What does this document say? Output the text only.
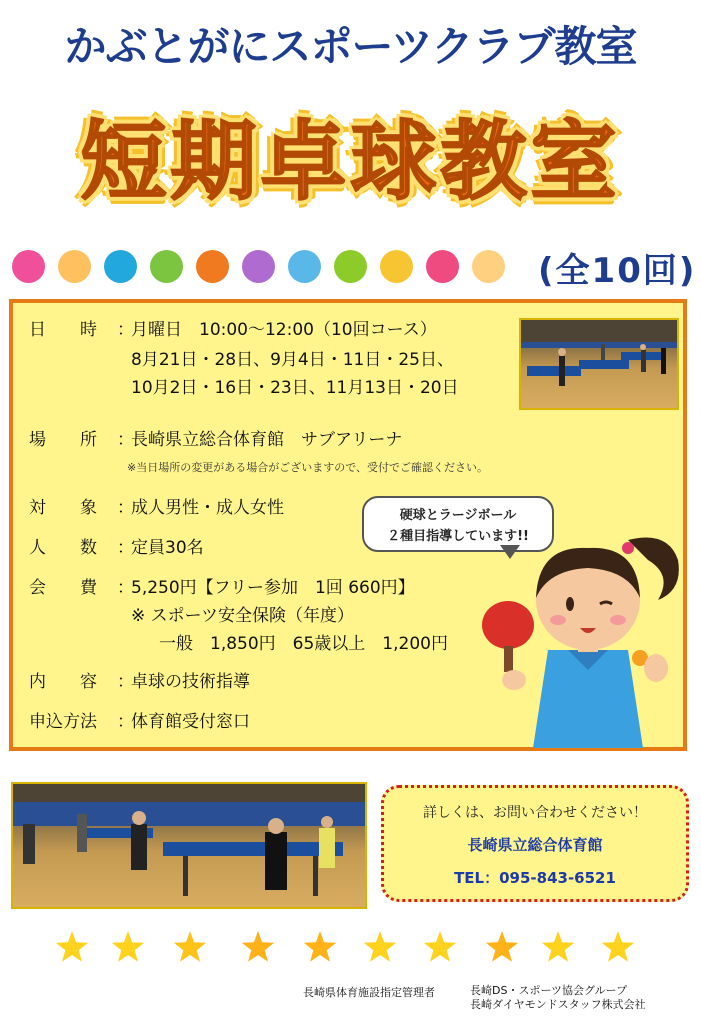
かぶとがにスポーツクラブ教室
短期卓球教室
(全10回)
日　　時 ：月曜日　10:00～12:00（10回コース）
8月21日・28日、9月4日・11日・25日、
10月2日・16日・23日、11月13日・20日
場　　所 ：長崎県立総合体育館　サブアリーナ
※当日場所の変更がある場合がございますので、受付でご確認ください。
対　　象 ：成人男性・成人女性
人　　数 ：定員30名
会　　費 ：5,250円【フリー参加　1回 660円】
※ スポーツ安全保険（年度）
一般　1,850円　65歳以上　1,200円
内　　容 ：卓球の技術指導
申込方法 ：体育館受付窓口
硬球とラージボール
２種目指導しています!!
詳しくは、お問い合わせください！
長崎県立総合体育館
TEL：095-843-6521
長崎県体育施設指定管理者	長崎DS・スポーツ協会グループ
長崎ダイヤモンドスタッフ株式会社
